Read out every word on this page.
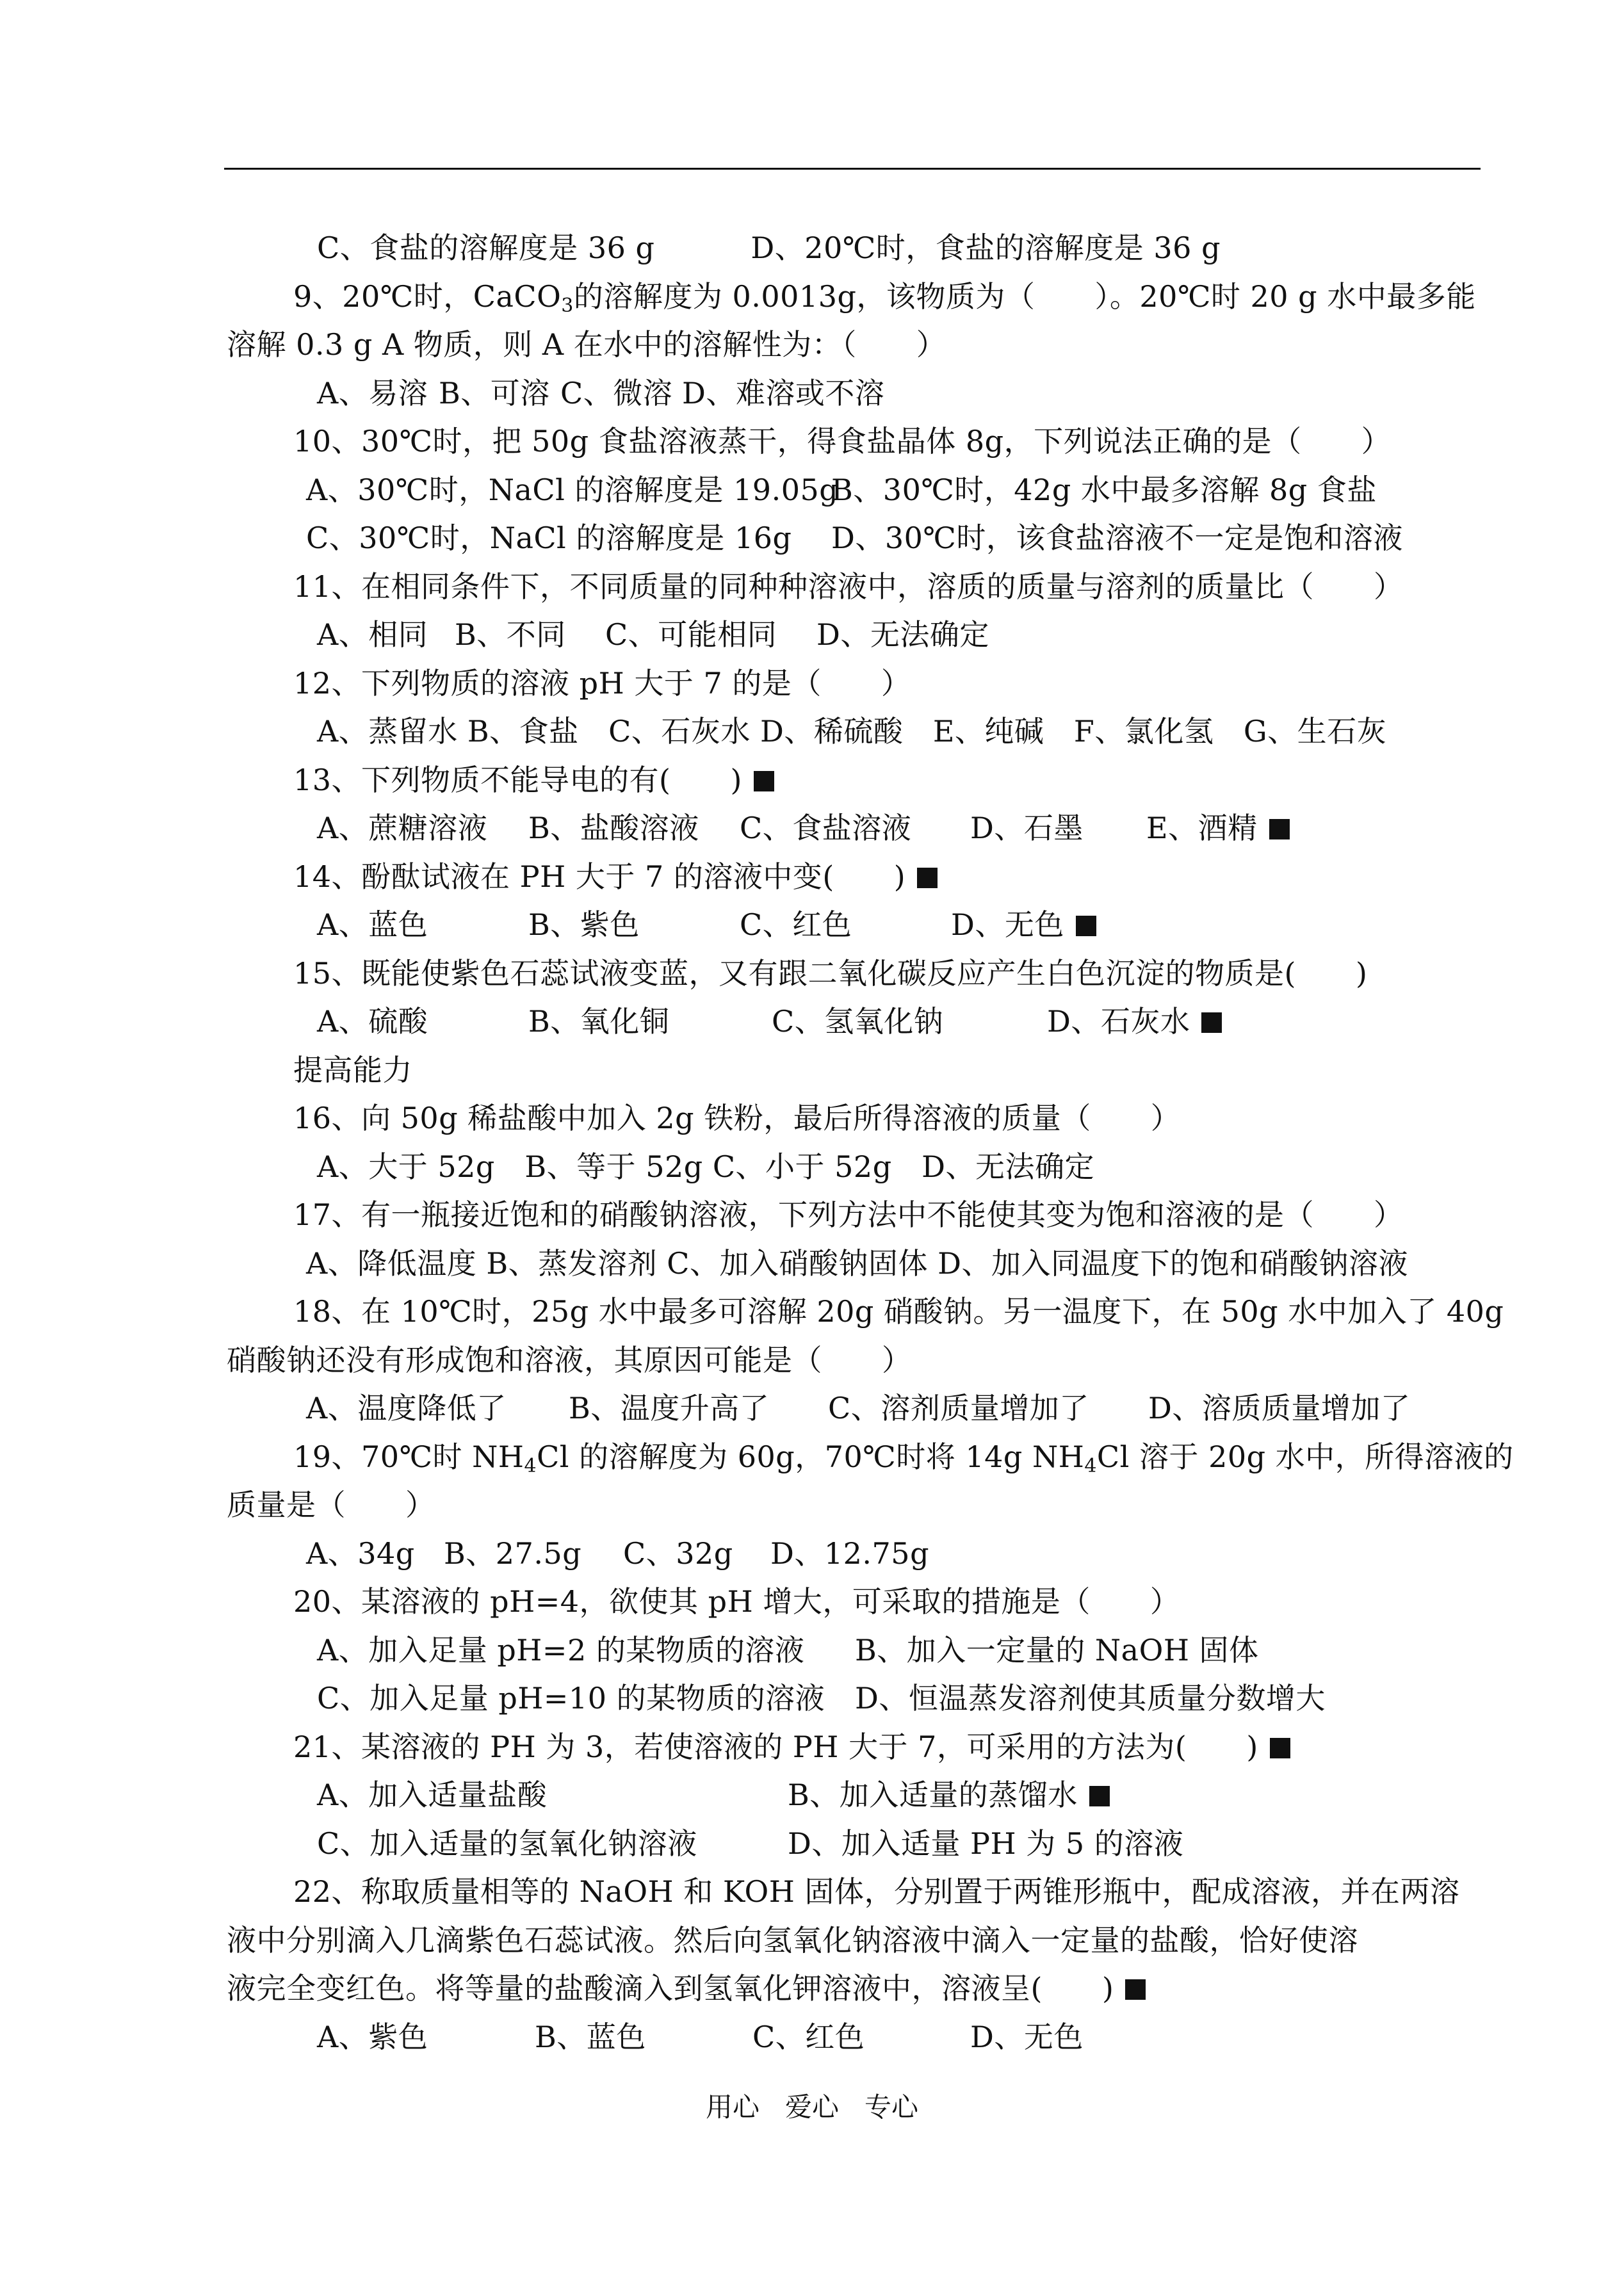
C、食盐的溶解度是 36 g	D、20℃时，食盐的溶解度是 36 g
9、20℃时，CaCO$_3$的溶解度为 0.0013g，该物质为（　　）。20℃时 20 g 水中最多能
溶解 0.3 g A 物质，则 A 在水中的溶解性为：（　　）
A、易溶 B、可溶 C、微溶 D、难溶或不溶
10、30℃时，把 50g 食盐溶液蒸干，得食盐晶体 8g，下列说法正确的是（　　）
A、30℃时，NaCl 的溶解度是 19.05gB、30℃时，42g 水中最多溶解 8g 食盐
C、30℃时，NaCl 的溶解度是 16g D、30℃时，该食盐溶液不一定是饱和溶液
11、在相同条件下，不同质量的同种种溶液中，溶质的质量与溶剂的质量比（　　）
A、相同 B、不同 C、可能相同 D、无法确定
12、下列物质的溶液 pH 大于 7 的是（　　）
A、蒸留水 B、食盐　C、石灰水 D、稀硫酸　E、纯碱　F、氯化氢　G、生石灰
13、下列物质不能导电的有(　　)
A、蔗糖溶液 B、盐酸溶液 C、食盐溶液 D、石墨 E、酒精
14、酚酞试液在 PH 大于 7 的溶液中变(　　)
A、蓝色	B、紫色	C、红色	D、无色
15、既能使紫色石蕊试液变蓝，又有跟二氧化碳反应产生白色沉淀的物质是(　　)
A、硫酸	B、氧化铜	C、氢氧化钠	D、石灰水
提高能力
16、向 50g 稀盐酸中加入 2g 铁粉，最后所得溶液的质量（　　）
A、大于 52g　B、等于 52g C、小于 52g　D、无法确定
17、有一瓶接近饱和的硝酸钠溶液，下列方法中不能使其变为饱和溶液的是（　　）
A、降低温度 B、蒸发溶剂 C、加入硝酸钠固体 D、加入同温度下的饱和硝酸钠溶液
18、在 10℃时，25g 水中最多可溶解 20g 硝酸钠。另一温度下，在 50g 水中加入了 40g
硝酸钠还没有形成饱和溶液，其原因可能是（　　）
A、温度降低了 B、温度升高了 C、溶剂质量增加了 D、溶质质量增加了
19、70℃时 $NH_4Cl$ 的溶解度为 60g，70℃时将 14g $NH_4Cl$ 溶于 20g 水中，所得溶液的
质量是（　　）
A、34g B、27.5g C、32g D、12.75g
20、某溶液的 pH=4，欲使其 pH 增大，可采取的措施是（　　）
A、加入足量 pH=2 的某物质的溶液 B、加入一定量的 NaOH 固体
C、加入足量 pH=10 的某物质的溶液 D、恒温蒸发溶剂使其质量分数增大
21、某溶液的 PH 为 3，若使溶液的 PH 大于 7，可采用的方法为(　　)
A、加入适量盐酸	B、加入适量的蒸馏水
C、加入适量的氢氧化钠溶液	D、加入适量 PH 为 5 的溶液
22、称取质量相等的 NaOH 和 KOH 固体，分别置于两锥形瓶中，配成溶液，并在两溶
液中分别滴入几滴紫色石蕊试液。然后向氢氧化钠溶液中滴入一定量的盐酸，恰好使溶
液完全变红色。将等量的盐酸滴入到氢氧化钾溶液中，溶液呈(　　)
A、紫色	B、蓝色	C、红色	D、无色
用心 爱心 专心
